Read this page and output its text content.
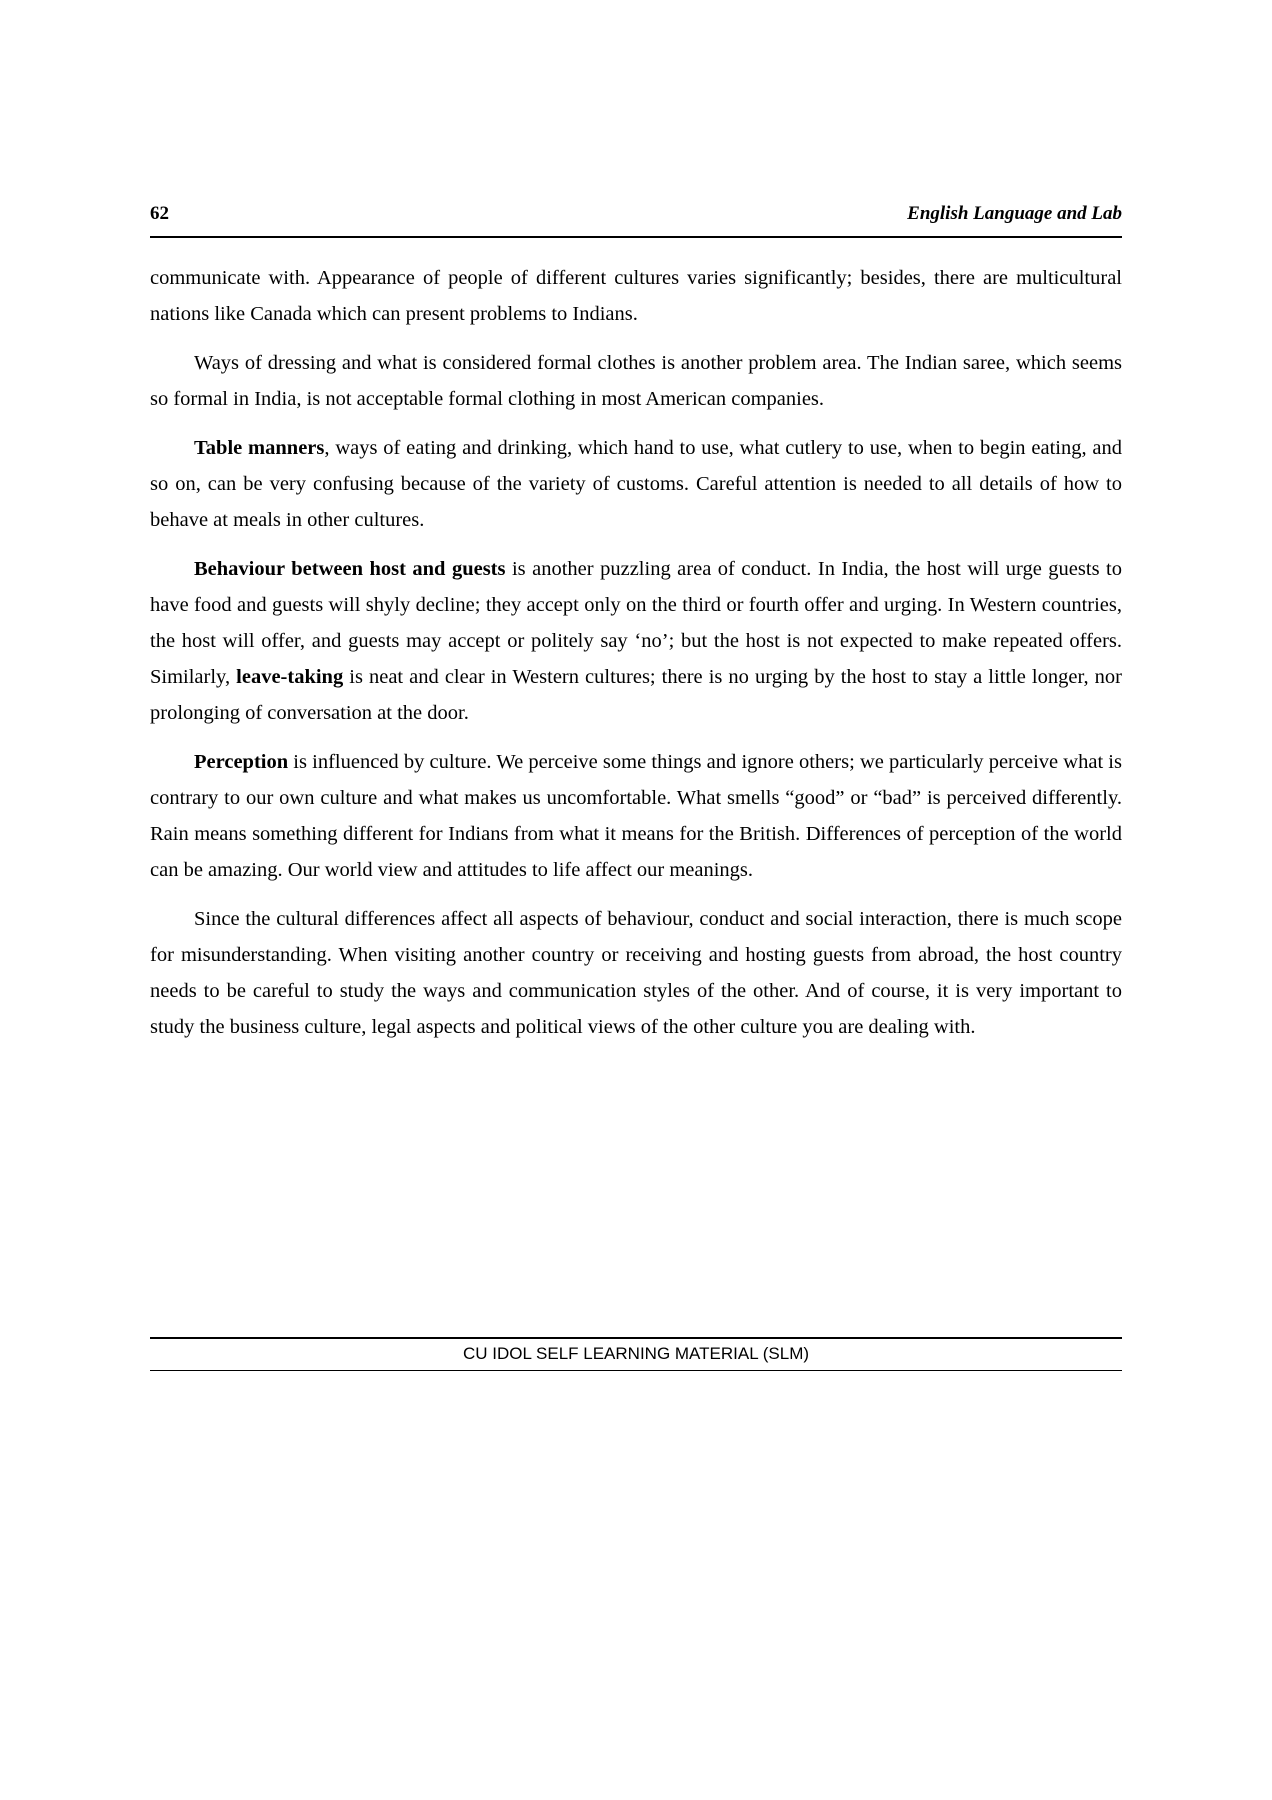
62	English Language and Lab

communicate with. Appearance of people of different cultures varies significantly; besides, there are multicultural nations like Canada which can present problems to Indians.

Ways of dressing and what is considered formal clothes is another problem area. The Indian saree, which seems so formal in India, is not acceptable formal clothing in most American companies.

Table manners, ways of eating and drinking, which hand to use, what cutlery to use, when to begin eating, and so on, can be very confusing because of the variety of customs. Careful attention is needed to all details of how to behave at meals in other cultures.

Behaviour between host and guests is another puzzling area of conduct. In India, the host will urge guests to have food and guests will shyly decline; they accept only on the third or fourth offer and urging. In Western countries, the host will offer, and guests may accept or politely say ‘no’; but the host is not expected to make repeated offers. Similarly, leave-taking is neat and clear in Western cultures; there is no urging by the host to stay a little longer, nor prolonging of conversation at the door.

Perception is influenced by culture. We perceive some things and ignore others; we particularly perceive what is contrary to our own culture and what makes us uncomfortable. What smells “good” or “bad” is perceived differently. Rain means something different for Indians from what it means for the British. Differences of perception of the world can be amazing. Our world view and attitudes to life affect our meanings.

Since the cultural differences affect all aspects of behaviour, conduct and social interaction, there is much scope for misunderstanding. When visiting another country or receiving and hosting guests from abroad, the host country needs to be careful to study the ways and communication styles of the other. And of course, it is very important to study the business culture, legal aspects and political views of the other culture you are dealing with.

CU IDOL SELF LEARNING MATERIAL (SLM)
